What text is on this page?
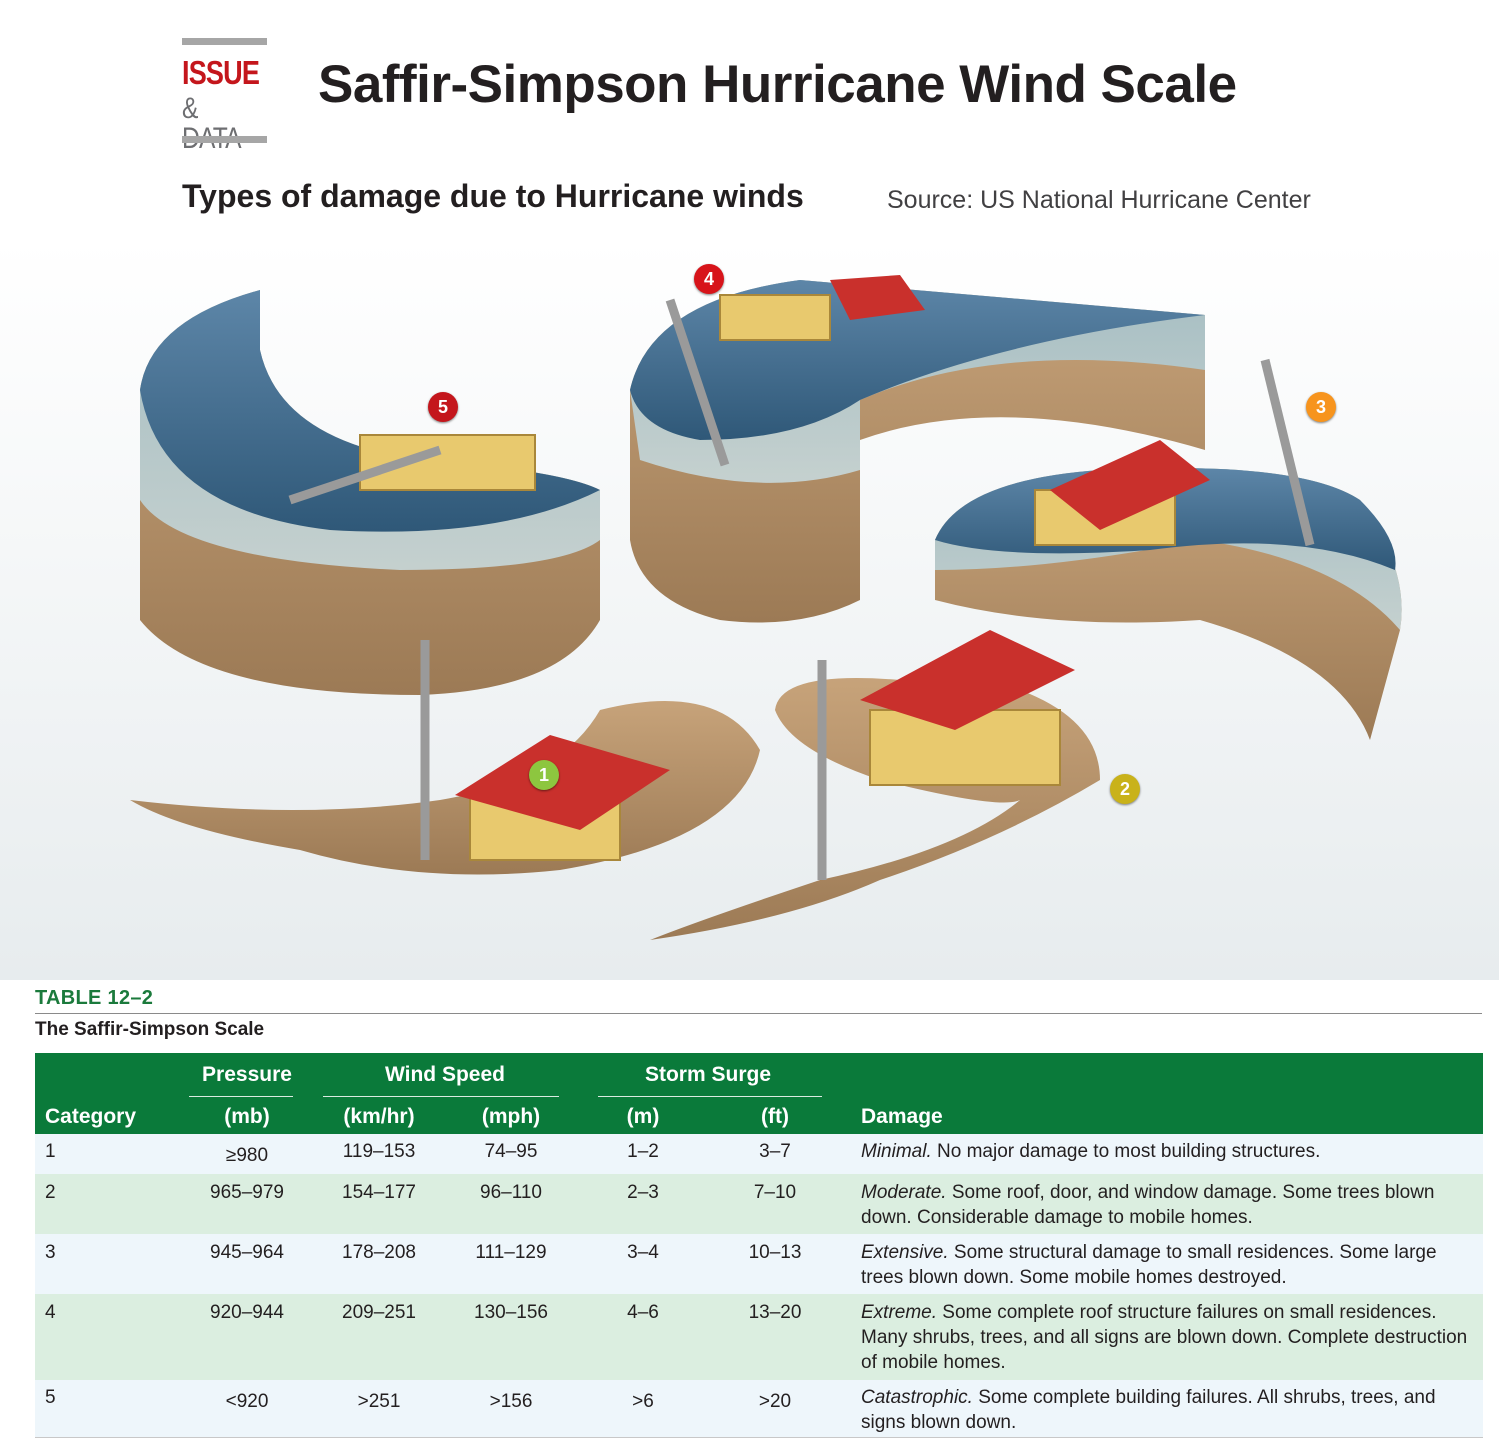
ISSUE
&	Saffir-Simpson Hurricane Wind Scale
Types of damage due to Hurricane winds	Source: US National Hurricane Center
1
2
3
4
5
TABLE 12–2
The Saffir-Simpson Scale
Pressure	Wind Speed	Storm Surge
Category	(mb)	(km/hr)	(mph)	(m)	(ft)	Damage
1	≥980	119–153	74–95	1–2	3–7	Minimal. No major damage to most building structures.
2	965–979	154–177	96–110	2–3	7–10	Moderate. Some roof, door, and window damage. Some trees blown down. Considerable damage to mobile homes.
3	945–964	178–208	111–129	3–4	10–13	Extensive. Some structural damage to small residences. Some large trees blown down. Some mobile homes destroyed.
4	920–944	209–251	130–156	4–6	13–20	Extreme. Some complete roof structure failures on small residences. Many shrubs, trees, and all signs are blown down. Complete destruction of mobile homes.
5	<920	>251	>156	>6	>20	Catastrophic. Some complete building failures. All shrubs, trees, and signs blown down.
